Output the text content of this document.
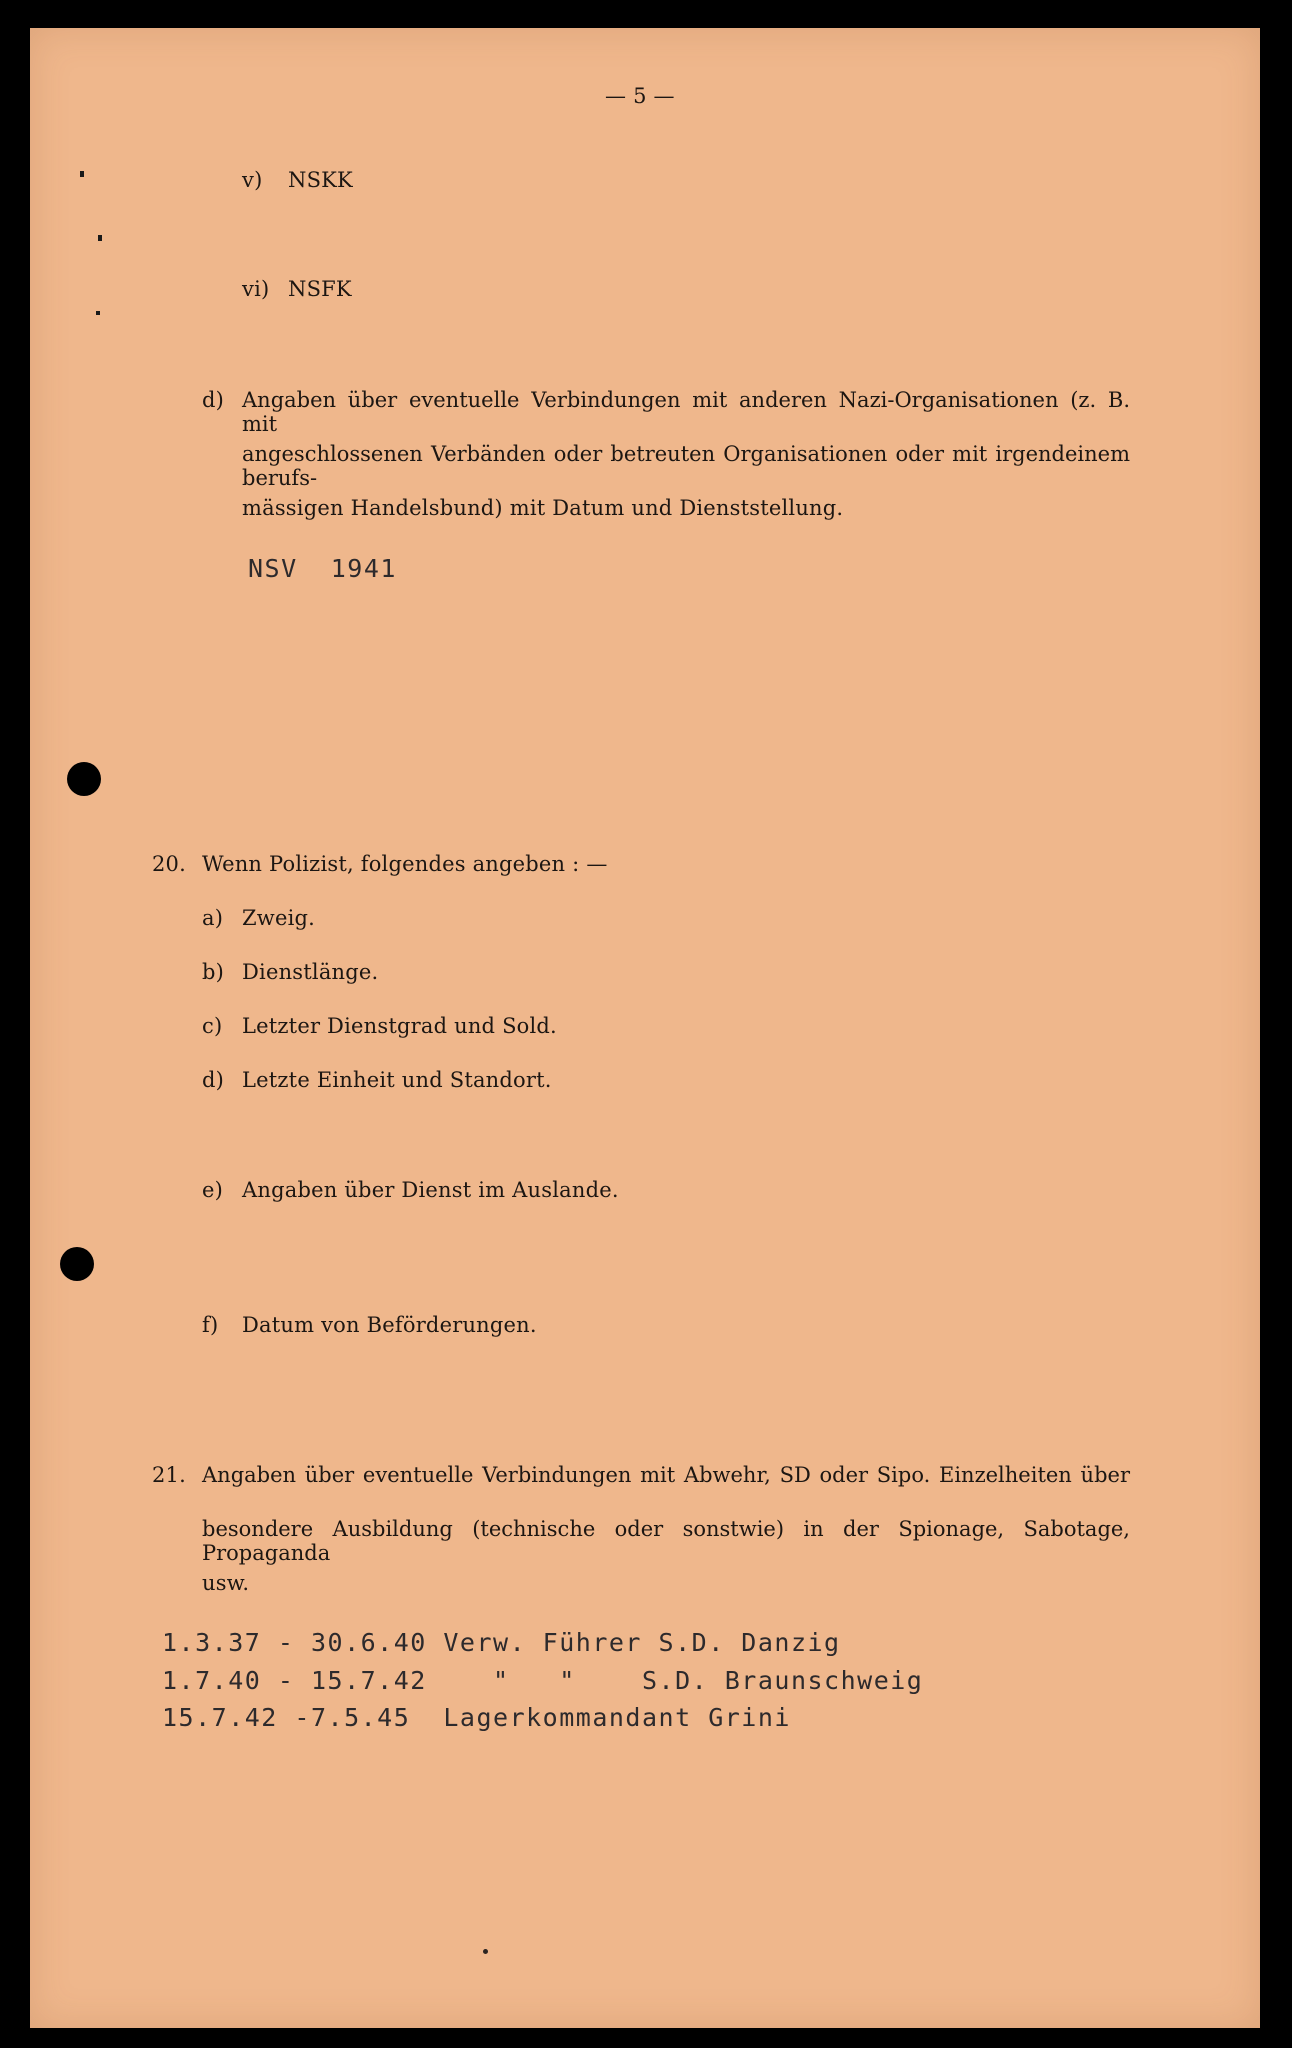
— 5 —
v) NSKK
vi) NSFK
d) Angaben über eventuelle Verbindungen mit anderen Nazi-Organisationen (z. B. mit
angeschlossenen Verbänden oder betreuten Organisationen oder mit irgendeinem berufs-
mässigen Handelsbund) mit Datum und Dienststellung.
NSV  1941
20. Wenn Polizist, folgendes angeben : —
a) Zweig.
b) Dienstlänge.
c) Letzter Dienstgrad und Sold.
d) Letzte Einheit und Standort.
e) Angaben über Dienst im Auslande.
f) Datum von Beförderungen.
21. Angaben über eventuelle Verbindungen mit Abwehr, SD oder Sipo. Einzelheiten über
besondere Ausbildung (technische oder sonstwie) in der Spionage, Sabotage, Propaganda
usw.
1.3.37 - 30.6.40 Verw. Führer S.D. Danzig
1.7.40 - 15.7.42    "   "    S.D. Braunschweig
15.7.42 -7.5.45  Lagerkommandant Grini
